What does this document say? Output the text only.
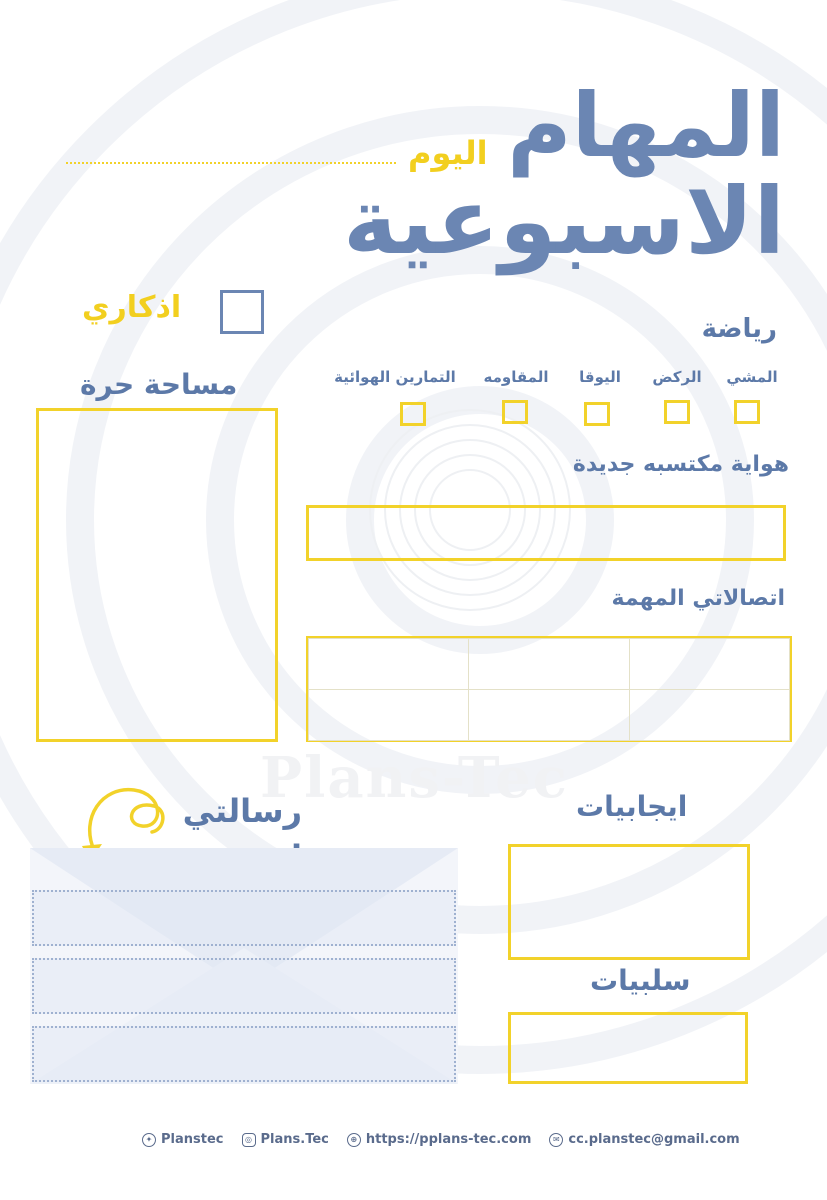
Plans-Tec
المهام
الاسبوعية
اليوم
اذكاري
مساحة حرة
رياضة
المشي
الركض
اليوقا
المقاومه
التمارين الهوائية
هواية مكتسبه جديدة
اتصالاتي المهمة

رسالتي	ايجابيات
سلبيات
✦ Planstec	◎ Plans.Tec	⊕ https://pplans-tec.com	✉ cc.planstec@gmail.com
